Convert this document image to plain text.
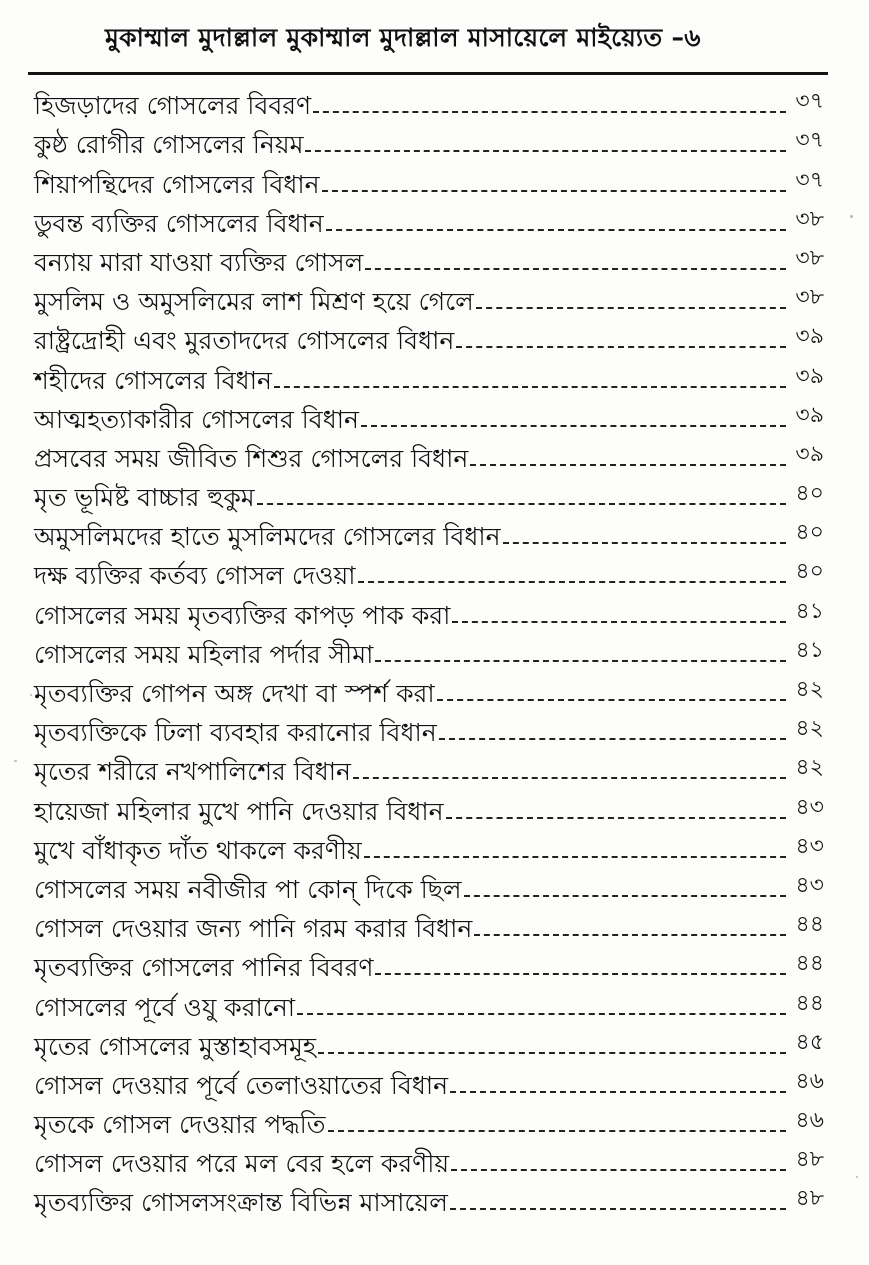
মুকাম্মাল মুদাল্লাল মুকাম্মাল মুদাল্লাল মাসায়েলে মাইয়্যেত –৬
হিজড়াদের গোসলের বিবরণ	৩৭
কুষ্ঠ রোগীর গোসলের নিয়ম	৩৭
শিয়াপন্থিদের গোসলের বিধান	৩৭
ডুবন্ত ব্যক্তির গোসলের বিধান	৩৮
বন্যায় মারা যাওয়া ব্যক্তির গোসল	৩৮
মুসলিম ও অমুসলিমের লাশ মিশ্রণ হয়ে গেলে	৩৮
রাষ্ট্রদ্রোহী এবং মুরতাদদের গোসলের বিধান	৩৯
শহীদের গোসলের বিধান	৩৯
আত্মহত্যাকারীর গোসলের বিধান	৩৯
প্রসবের সময় জীবিত শিশুর গোসলের বিধান	৩৯
মৃত ভূমিষ্ট বাচ্চার হুকুম	৪০
অমুসলিমদের হাতে মুসলিমদের গোসলের বিধান	৪০
দক্ষ ব্যক্তির কর্তব্য গোসল দেওয়া	৪০
গোসলের সময় মৃতব্যক্তির কাপড় পাক করা	৪১
গোসলের সময় মহিলার পর্দার সীমা	৪১
মৃতব্যক্তির গোপন অঙ্গ দেখা বা স্পর্শ করা	৪২
মৃতব্যক্তিকে ঢিলা ব্যবহার করানোর বিধান	৪২
মৃতের শরীরে নখপালিশের বিধান	৪২
হায়েজা মহিলার মুখে পানি দেওয়ার বিধান	৪৩
মুখে বাঁধাকৃত দাঁত থাকলে করণীয়	৪৩
গোসলের সময় নবীজীর পা কোন্ দিকে ছিল	৪৩
গোসল দেওয়ার জন্য পানি গরম করার বিধান	৪৪
মৃতব্যক্তির গোসলের পানির বিবরণ	৪৪
গোসলের পূর্বে ওযু করানো	৪৪
মৃতের গোসলের মুস্তাহাবসমূহ	৪৫
গোসল দেওয়ার পূর্বে তেলাওয়াতের বিধান	৪৬
মৃতকে গোসল দেওয়ার পদ্ধতি	৪৬
গোসল দেওয়ার পরে মল বের হলে করণীয়	৪৮
মৃতব্যক্তির গোসলসংক্রান্ত বিভিন্ন মাসায়েল	৪৮
